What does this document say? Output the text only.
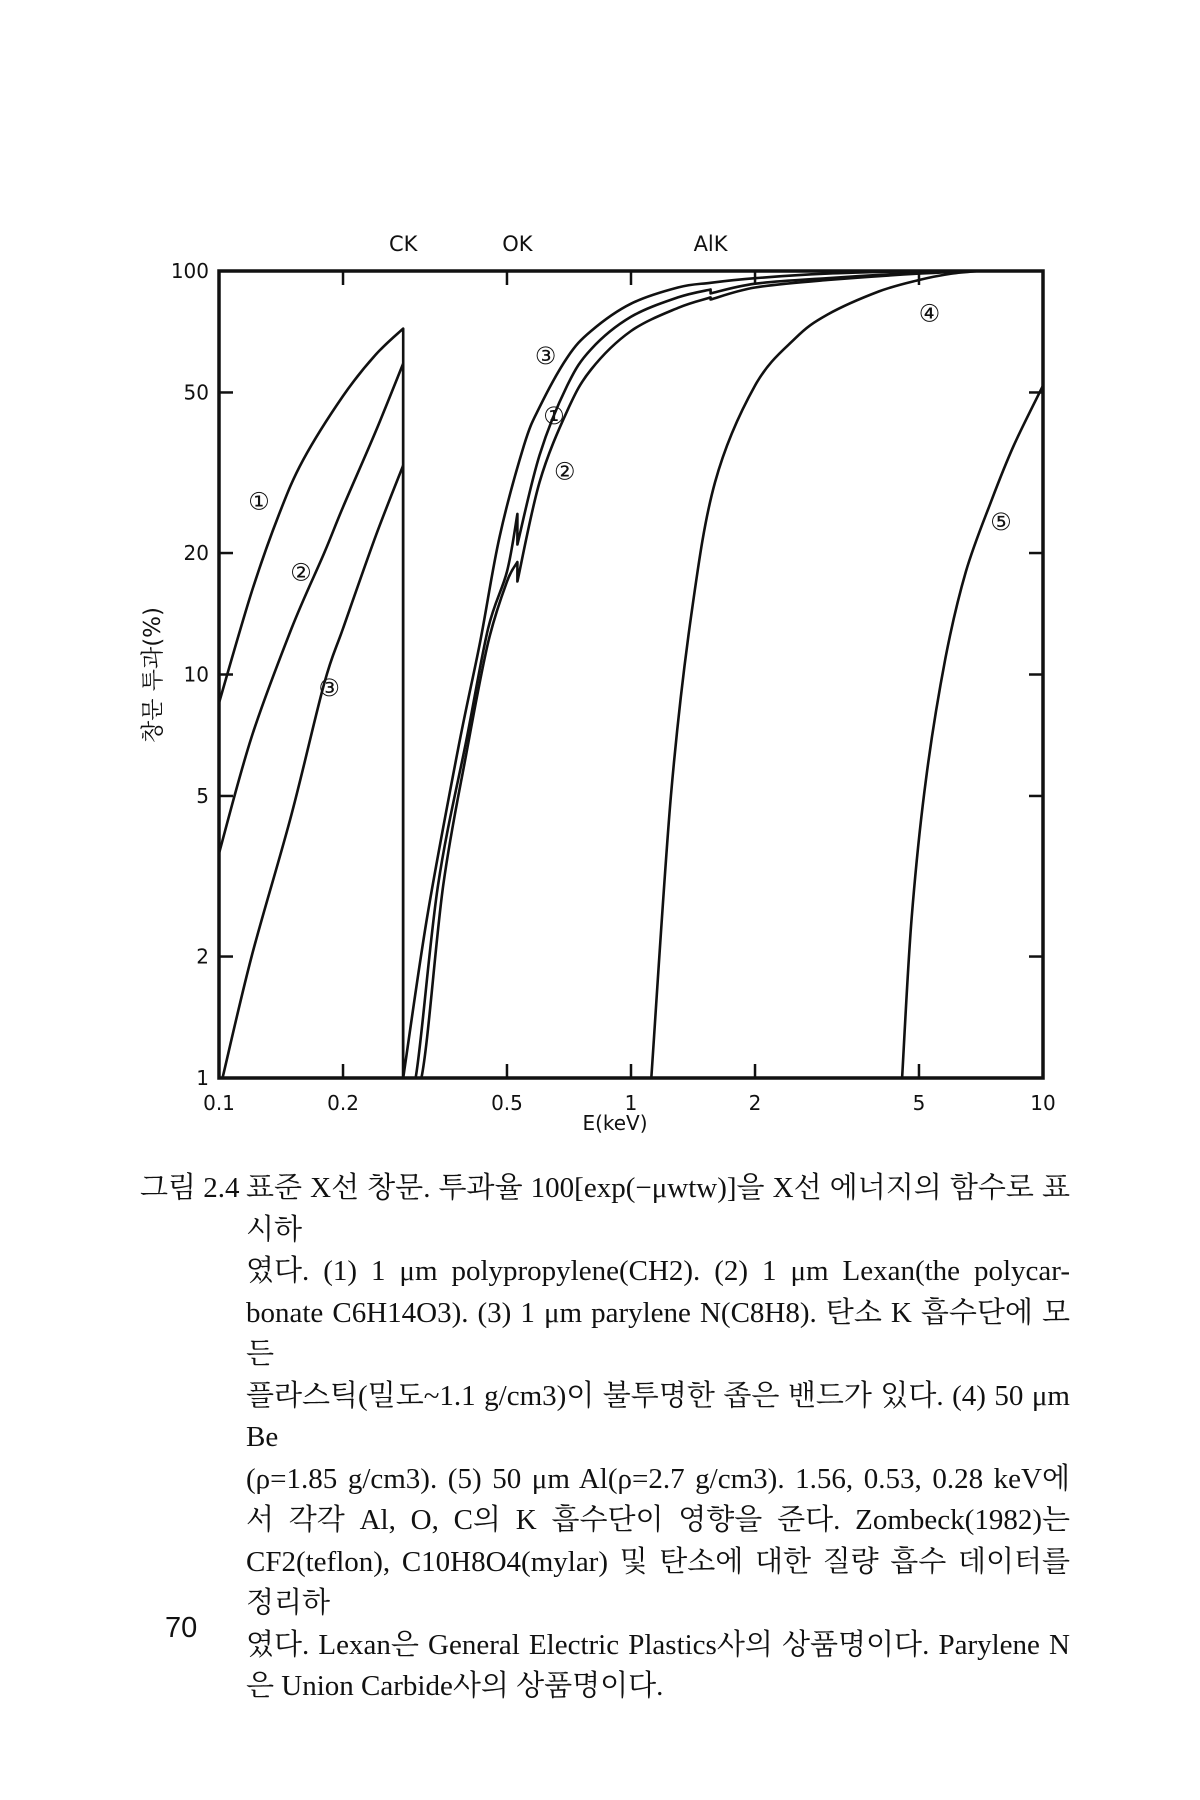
0.1	0.2	0.5	1	2	5	10
1
2
5
10
20
50
100
CK	OK	AlK
①
②
③
③
①
②
④
⑤
E(keV)
창문 투과(%)
그림 2.4 표준 X선 창문. 투과율 100[exp(−μwtw)]을 X선 에너지의 함수로 표시하
였다. (1) 1 μm polypropylene(CH2). (2) 1 μm Lexan(the polycar-
bonate C6H14O3). (3) 1 μm parylene N(C8H8). 탄소 K 흡수단에 모든
플라스틱(밀도~1.1 g/cm3)이 불투명한 좁은 밴드가 있다. (4) 50 μm Be
(ρ=1.85 g/cm3). (5) 50 μm Al(ρ=2.7 g/cm3). 1.56, 0.53, 0.28 keV에
서 각각 Al, O, C의 K 흡수단이 영향을 준다. Zombeck(1982)는
CF2(teflon), C10H8O4(mylar) 및 탄소에 대한 질량 흡수 데이터를 정리하
였다. Lexan은 General Electric Plastics사의 상품명이다. Parylene N
은 Union Carbide사의 상품명이다.
70
